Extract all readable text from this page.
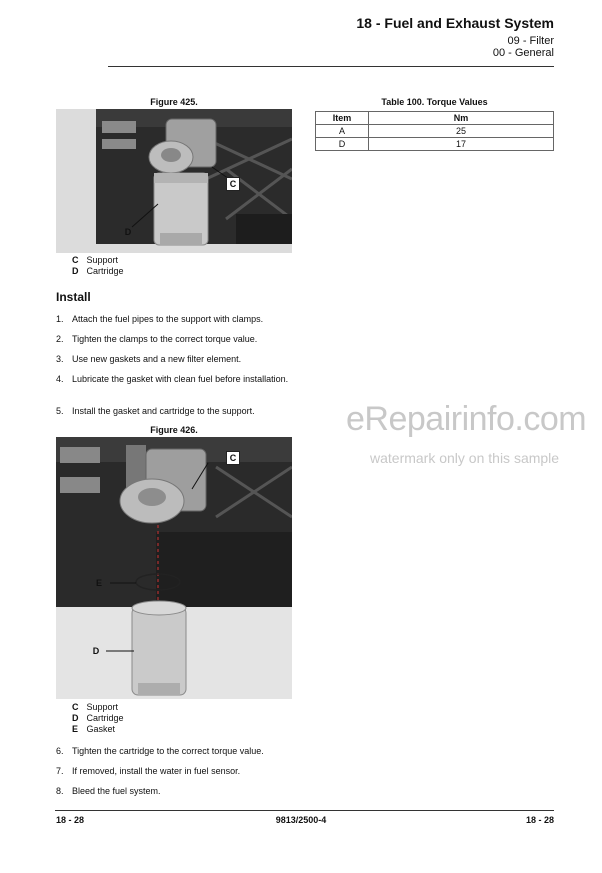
18 - Fuel and Exhaust System
09 - Filter
00 - General
Figure 425.
C
D
C Support
D Cartridge
Table 100. Torque Values
Item	Nm
A	25
D	17
Install
1. Attach the fuel pipes to the support with clamps.
2. Tighten the clamps to the correct torque value.
3. Use new gaskets and a new filter element.
4. Lubricate the gasket with clean fuel before installation.
5. Install the gasket and cartridge to the support.
Figure 426.
C
E
D
C Support
D Cartridge
E Gasket
6. Tighten the cartridge to the correct torque value.
7. If removed, install the water in fuel sensor.
8. Bleed the fuel system.
eRepairinfo.com
watermark only on this sample
18 - 28	9813/2500-4	18 - 28
